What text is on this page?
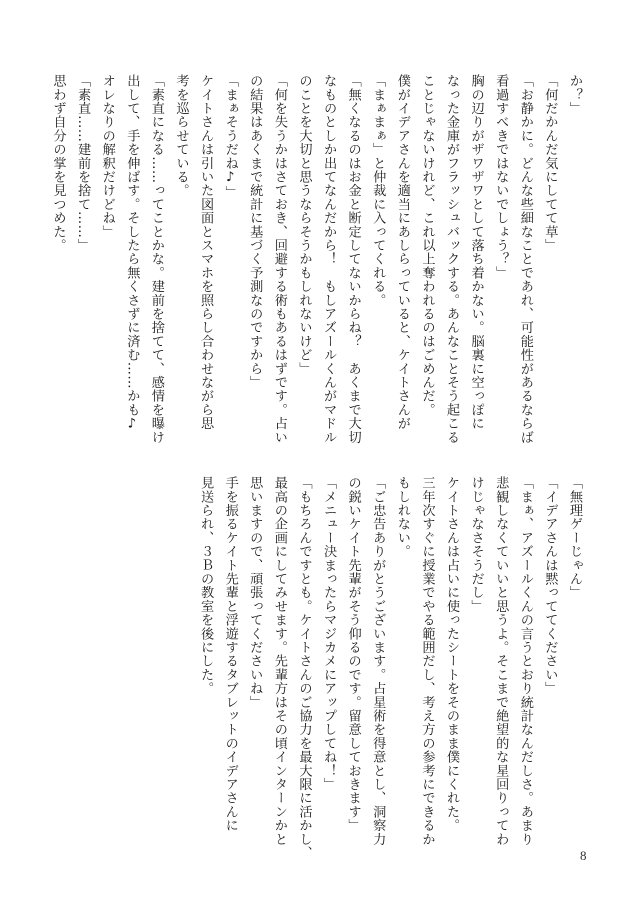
か？」

「何だかんだ気にしてて草」

「お静かに。どんな些細なことであれ、可能性があるならば

看過すべきではないでしょう？」

胸の辺りがザワザワとして落ち着かない。脳裏に空っぽに

なった金庫がフラッシュバックする。あんなことそう起こる

ことじゃないけれど、これ以上奪われるのはごめんだ。

僕がイデアさんを適当にあしらっていると、ケイトさんが

「まぁまぁ」と仲裁に入ってくれる。

「無くなるのはお金と断定してないからね？　あくまで大切

なものとしか出てなんだから！　もしアズールくんがマドル

のことを大切と思うならそうかもしれないけど」

「何を失うかはさておき、回避する術もあるはずです。占い

の結果はあくまで統計に基づく予測なのですから」

「まぁそうだね♪」

ケイトさんは引いた図面とスマホを照らし合わせながら思

考を巡らせている。

「素直になる……ってことかな。建前を捨てて、感情を曝け

出して、手を伸ばす。そしたら無くさずに済む……かも♪

オレなりの解釈だけどね」

「素直……建前を捨て……」

思わず自分の掌を見つめた。

「無理ゲーじゃん」

「イデアさんは黙っててください」

「まぁ、アズールくんの言うとおり統計なんだしさ。あまり

悲観しなくていいと思うよ。そこまで絶望的な星回りってわ

けじゃなさそうだし」

ケイトさんは占いに使ったシートをそのまま僕にくれた。

三年次すぐに授業でやる範囲だし、考え方の参考にできるか

もしれない。

「ご忠告ありがとうございます。占星術を得意とし、洞察力

の鋭いケイト先輩がそう仰るのです。留意しておきます」

「メニュー決まったらマジカメにアップしてね！」

「もちろんですとも。ケイトさんのご協力を最大限に活かし、

最高の企画にしてみせます。先輩方はその頃インターンかと

思いますので、頑張ってくださいね」

手を振るケイト先輩と浮遊するタブレットのイデアさんに

見送られ、３Ｂの教室を後にした。

8
